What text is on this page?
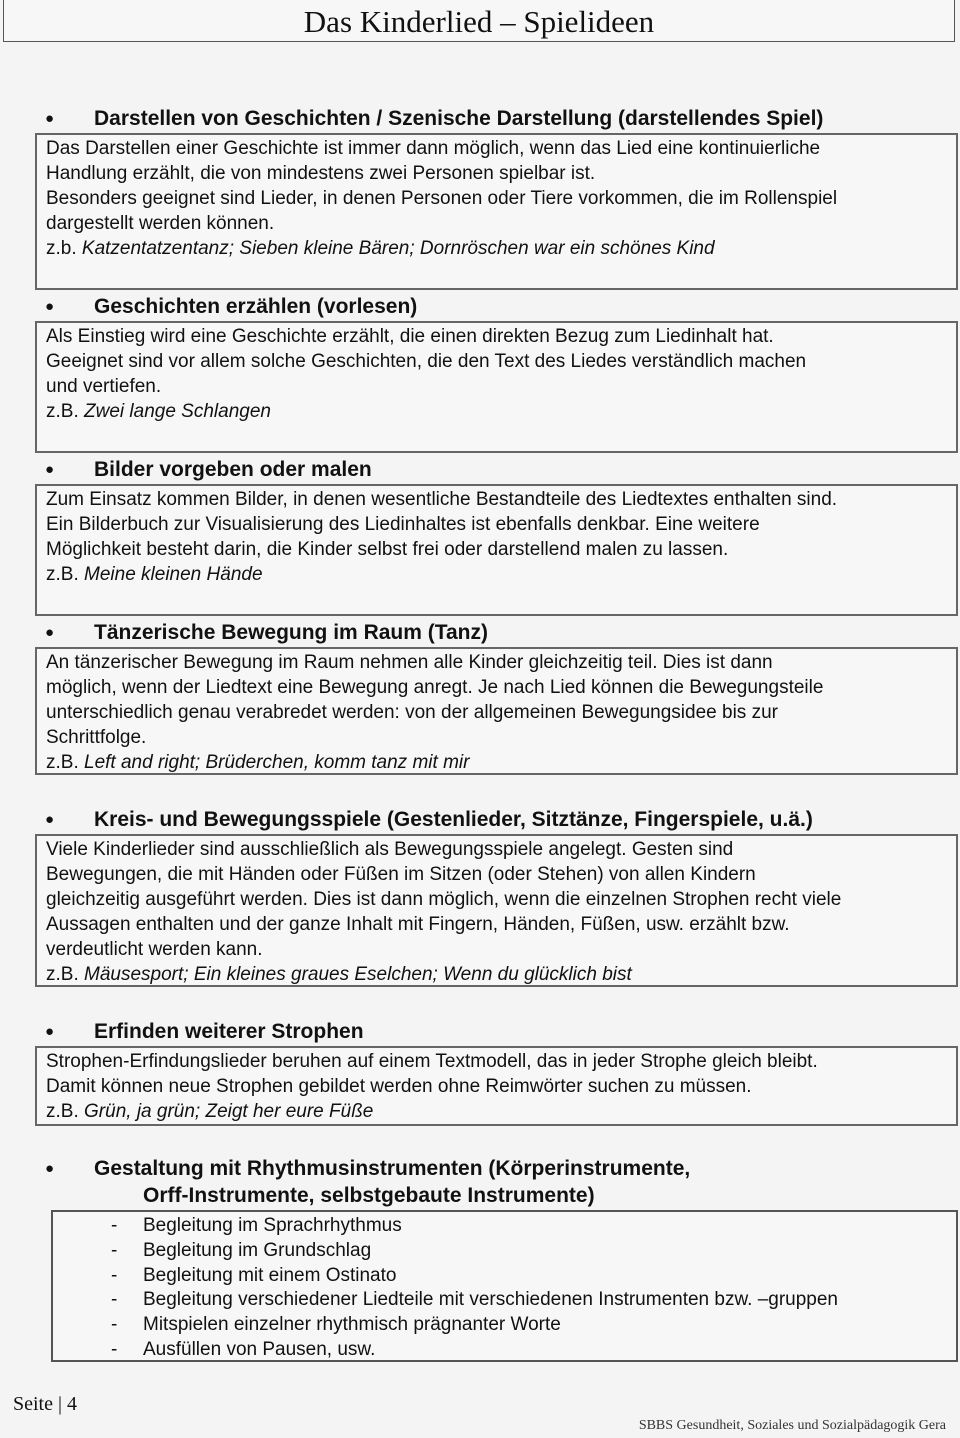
Das Kinderlied – Spielideen
● Darstellen von Geschichten / Szenische Darstellung (darstellendes Spiel)

Das Darstellen einer Geschichte ist immer dann möglich, wenn das Lied eine kontinuierliche

Handlung erzählt, die von mindestens zwei Personen spielbar ist.

Besonders geeignet sind Lieder, in denen Personen oder Tiere vorkommen, die im Rollenspiel

dargestellt werden können.

z.b. Katzentatzentanz; Sieben kleine Bären; Dornröschen war ein schönes Kind

● Geschichten erzählen (vorlesen)

Als Einstieg wird eine Geschichte erzählt, die einen direkten Bezug zum Liedinhalt hat.

Geeignet sind vor allem solche Geschichten, die den Text des Liedes verständlich machen

und vertiefen.

z.B. Zwei lange Schlangen

● Bilder vorgeben oder malen

Zum Einsatz kommen Bilder, in denen wesentliche Bestandteile des Liedtextes enthalten sind.

Ein Bilderbuch zur Visualisierung des Liedinhaltes ist ebenfalls denkbar. Eine weitere

Möglichkeit besteht darin, die Kinder selbst frei oder darstellend malen zu lassen.

z.B. Meine kleinen Hände

● Tänzerische Bewegung im Raum (Tanz)

An tänzerischer Bewegung im Raum nehmen alle Kinder gleichzeitig teil. Dies ist dann

möglich, wenn der Liedtext eine Bewegung anregt. Je nach Lied können die Bewegungsteile

unterschiedlich genau verabredet werden: von der allgemeinen Bewegungsidee bis zur

Schrittfolge.

z.B. Left and right; Brüderchen, komm tanz mit mir

● Kreis- und Bewegungsspiele (Gestenlieder, Sitztänze, Fingerspiele, u.ä.)

Viele Kinderlieder sind ausschließlich als Bewegungsspiele angelegt. Gesten sind

Bewegungen, die mit Händen oder Füßen im Sitzen (oder Stehen) von allen Kindern

gleichzeitig ausgeführt werden. Dies ist dann möglich, wenn die einzelnen Strophen recht viele

Aussagen enthalten und der ganze Inhalt mit Fingern, Händen, Füßen, usw. erzählt bzw.

verdeutlicht werden kann.

z.B. Mäusesport; Ein kleines graues Eselchen; Wenn du glücklich bist

● Erfinden weiterer Strophen

Strophen-Erfindungslieder beruhen auf einem Textmodell, das in jeder Strophe gleich bleibt.

Damit können neue Strophen gebildet werden ohne Reimwörter suchen zu müssen.

z.B. Grün, ja grün; Zeigt her eure Füße

● Gestaltung mit Rhythmusinstrumenten (Körperinstrumente,
Orff-Instrumente, selbstgebaute Instrumente)
- Begleitung im Sprachrhythmus
- Begleitung im Grundschlag
- Begleitung mit einem Ostinato
- Begleitung verschiedener Liedteile mit verschiedenen Instrumenten bzw. –gruppen
- Mitspielen einzelner rhythmisch prägnanter Worte
- Ausfüllen von Pausen, usw.
Seite | 4
SBBS Gesundheit, Soziales und Sozialpädagogik Gera
